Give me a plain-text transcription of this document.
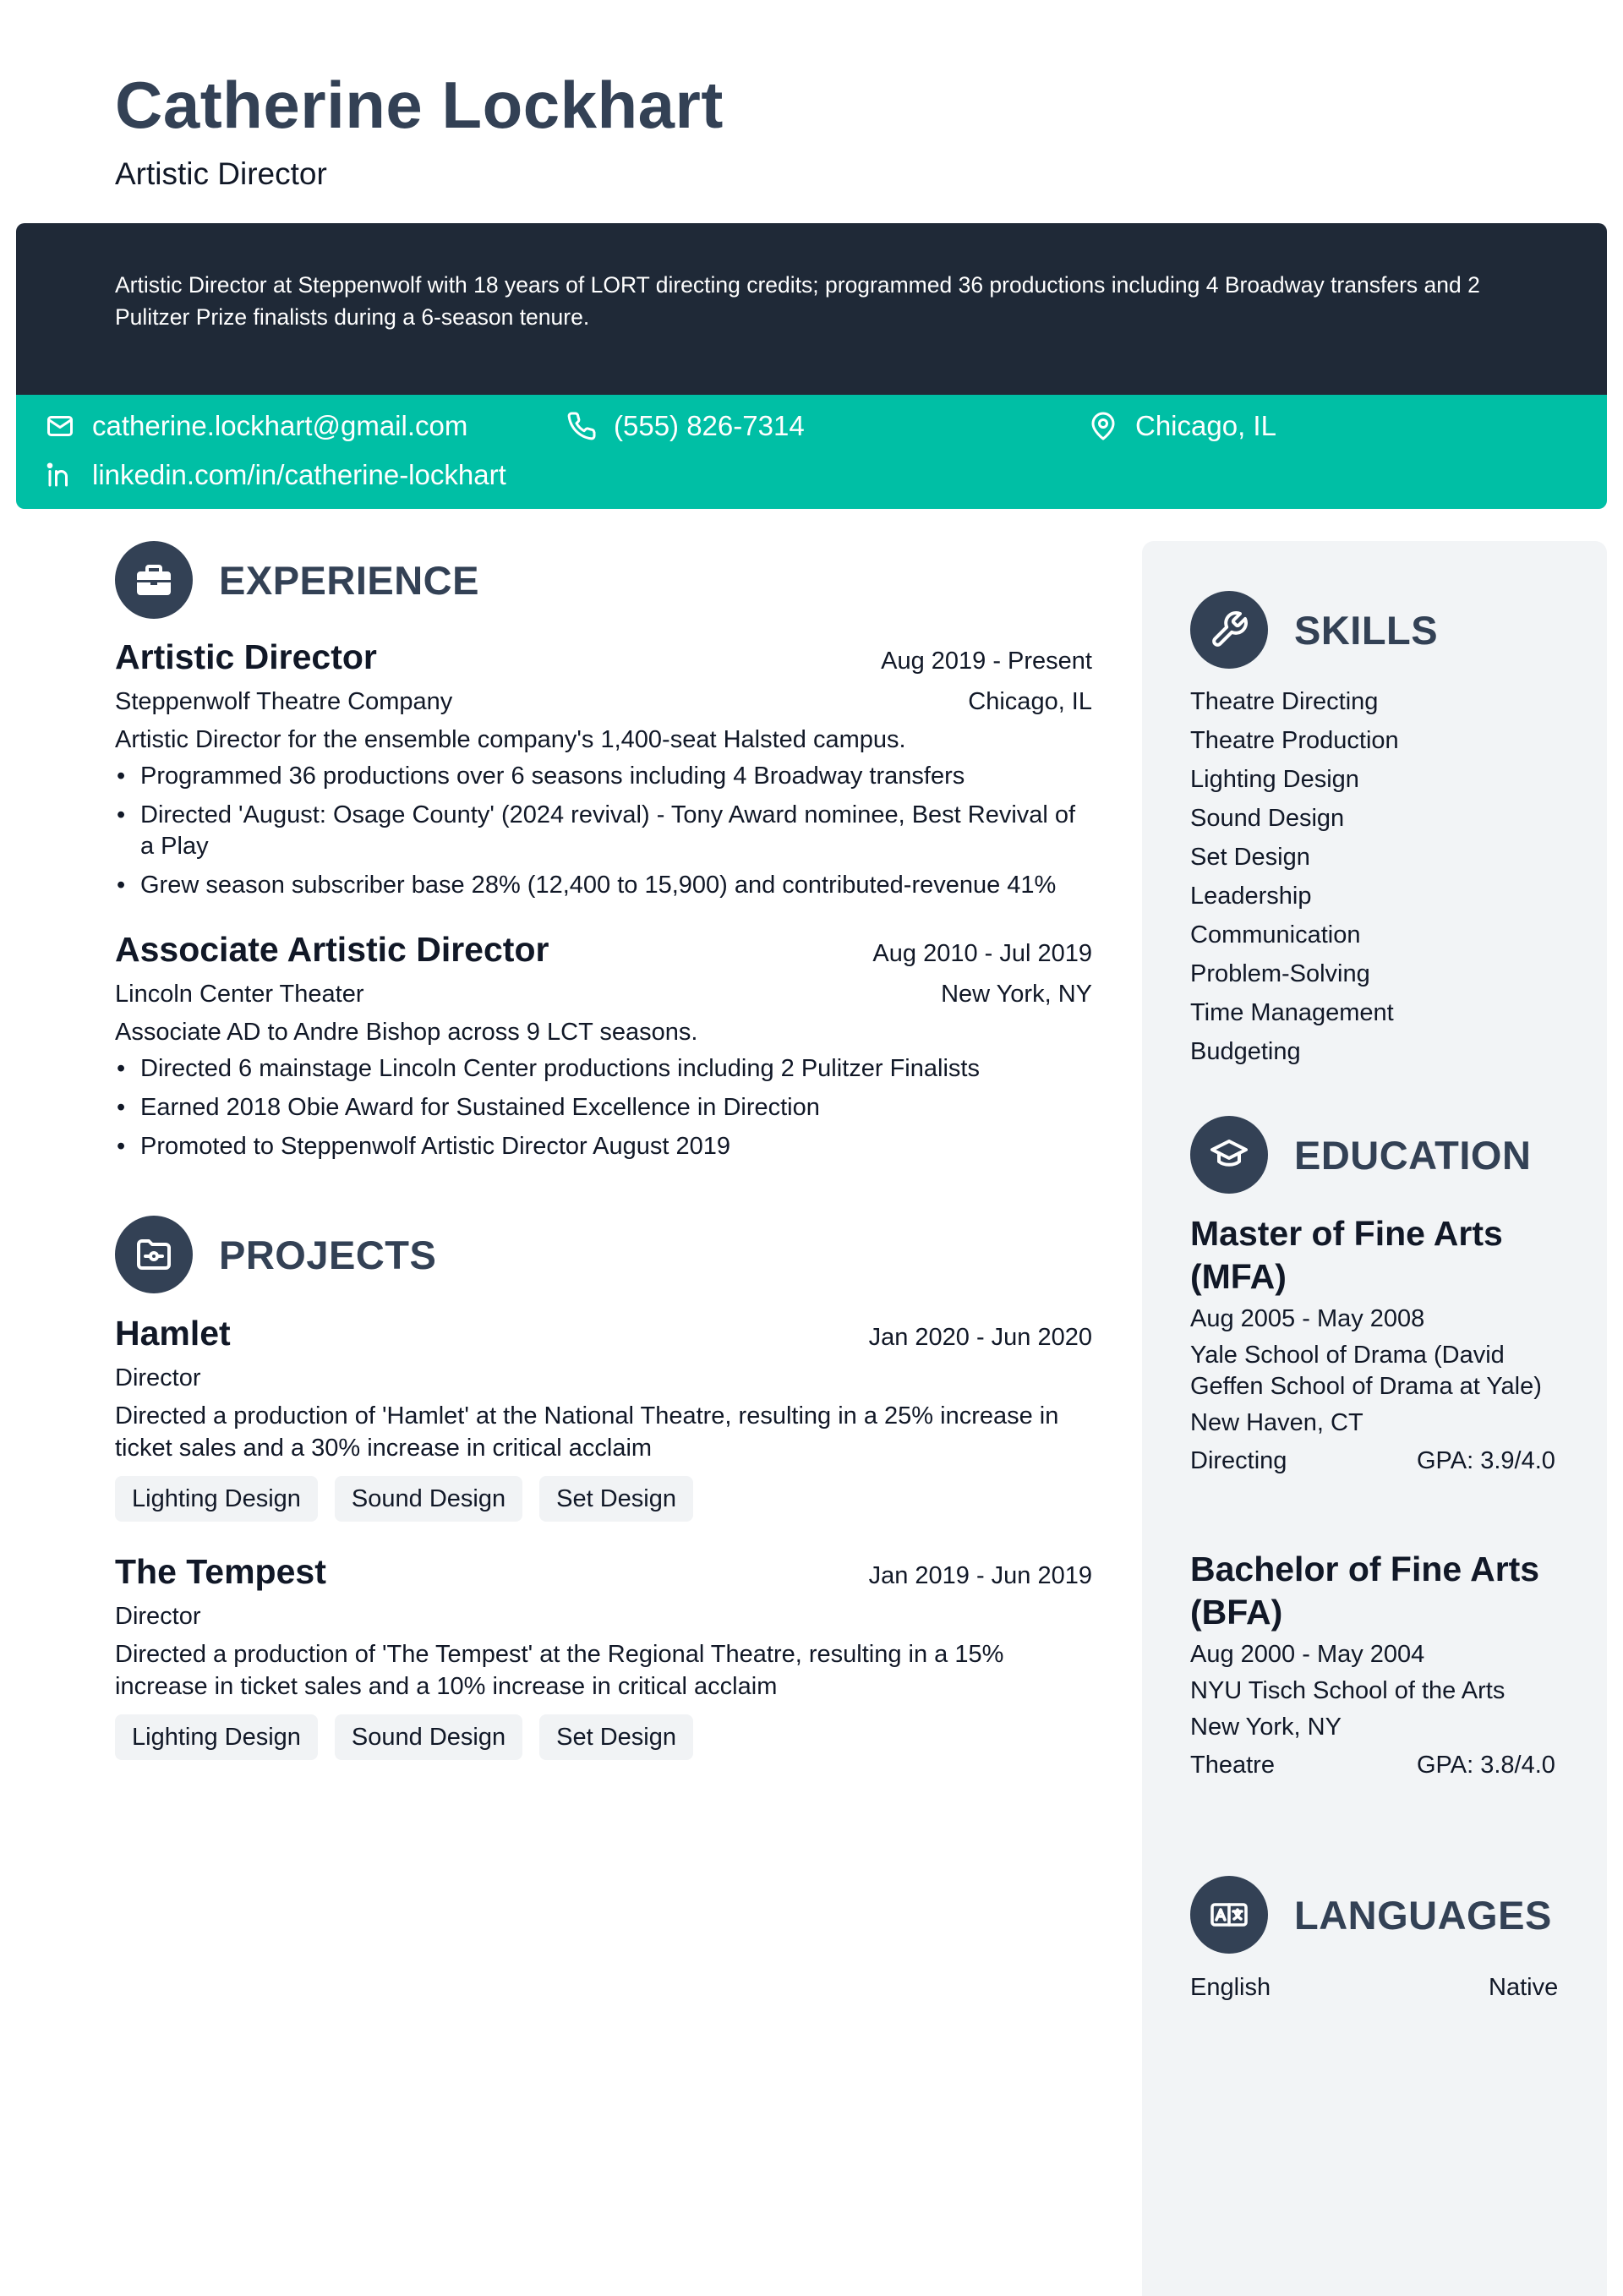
Catherine Lockhart
Artistic Director
Artistic Director at Steppenwolf with 18 years of LORT directing credits; programmed 36 productions including 4 Broadway transfers and 2 Pulitzer Prize finalists during a 6-season tenure.
catherine.lockhart@gmail.com	(555) 826-7314	Chicago, IL
linkedin.com/in/catherine-lockhart
EXPERIENCE
Artistic Director	Aug 2019 - Present
Steppenwolf Theatre Company	Chicago, IL
Artistic Director for the ensemble company's 1,400-seat Halsted campus.
• Programmed 36 productions over 6 seasons including 4 Broadway transfers
• Directed 'August: Osage County' (2024 revival) - Tony Award nominee, Best Revival of a Play
• Grew season subscriber base 28% (12,400 to 15,900) and contributed-revenue 41%
Associate Artistic Director	Aug 2010 - Jul 2019
Lincoln Center Theater	New York, NY
Associate AD to Andre Bishop across 9 LCT seasons.
• Directed 6 mainstage Lincoln Center productions including 2 Pulitzer Finalists
• Earned 2018 Obie Award for Sustained Excellence in Direction
• Promoted to Steppenwolf Artistic Director August 2019
PROJECTS
Hamlet	Jan 2020 - Jun 2020
Director
Directed a production of 'Hamlet' at the National Theatre, resulting in a 25% increase in ticket sales and a 30% increase in critical acclaim
Lighting Design	Sound Design	Set Design
The Tempest	Jan 2019 - Jun 2019
Director
Directed a production of 'The Tempest' at the Regional Theatre, resulting in a 15% increase in ticket sales and a 10% increase in critical acclaim
Lighting Design	Sound Design	Set Design
SKILLS
Theatre Directing
Theatre Production
Lighting Design
Sound Design
Set Design
Leadership
Communication
Problem-Solving
Time Management
Budgeting
EDUCATION
Master of Fine Arts (MFA)
Aug 2005 - May 2008
Yale School of Drama (David Geffen School of Drama at Yale)
New Haven, CT
Directing	GPA: 3.9/4.0
Bachelor of Fine Arts (BFA)
Aug 2000 - May 2004
NYU Tisch School of the Arts
New York, NY
Theatre	GPA: 3.8/4.0
LANGUAGES
English	Native
